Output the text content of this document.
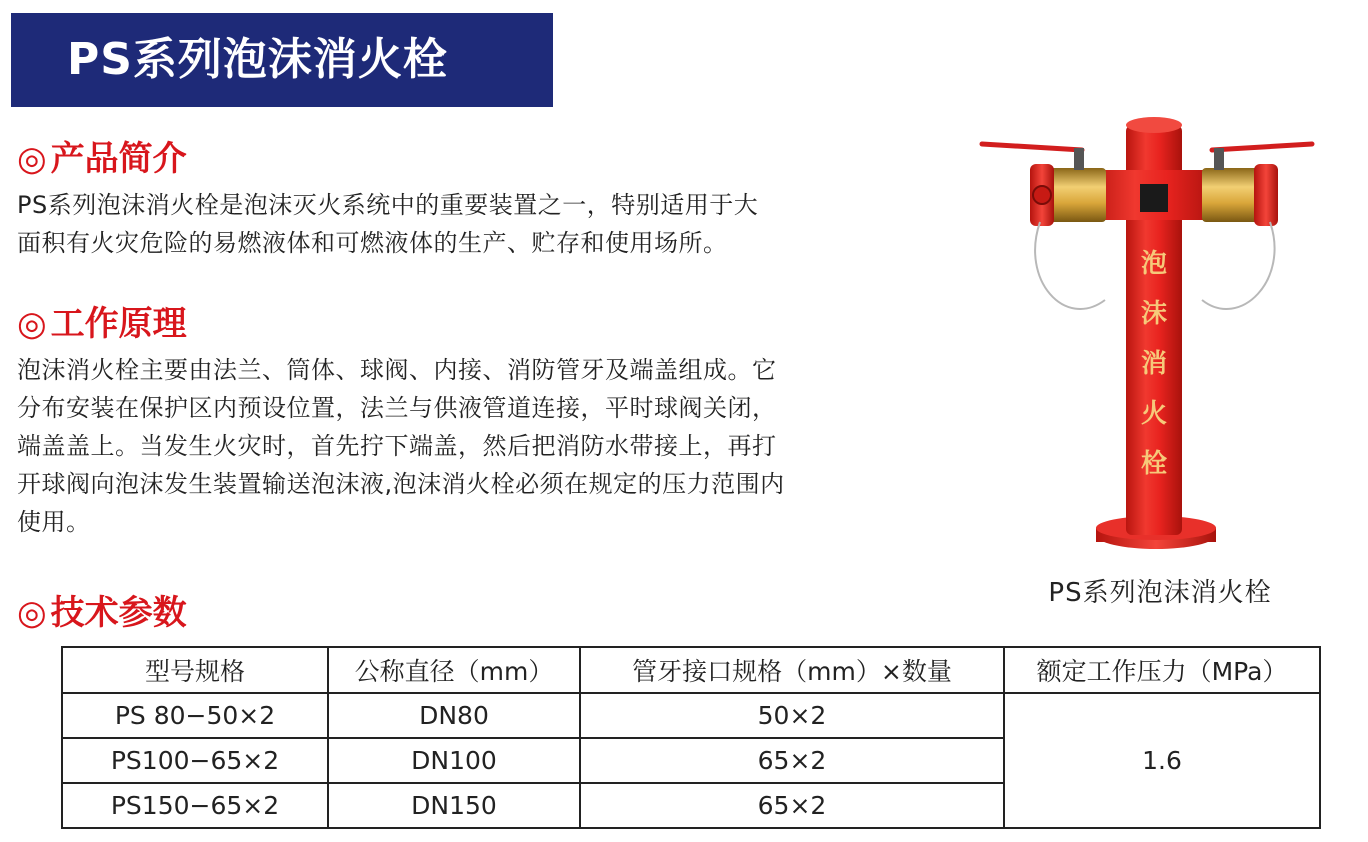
PS系列泡沫消火栓
◎ 产品简介

PS系列泡沫消火栓是泡沫灭火系统中的重要装置之一，特别适用于大
面积有火灾危险的易燃液体和可燃液体的生产、贮存和使用场所。

◎ 工作原理

泡沫消火栓主要由法兰、筒体、球阀、内接、消防管牙及端盖组成。它
分布安装在保护区内预设位置，法兰与供液管道连接，平时球阀关闭，
端盖盖上。当发生火灾时，首先拧下端盖，然后把消防水带接上，再打
开球阀向泡沫发生装置输送泡沫液,泡沫消火栓必须在规定的压力范围内
使用。

泡
沫
消
火
栓

PS系列泡沫消火栓

◎ 技术参数
型号规格	公称直径（mm）	管牙接口规格（mm）×数量	额定工作压力（MPa）
PS 80−50×2	DN80	50×2	1.6
PS100−65×2	DN100	65×2	
PS150−65×2	DN150	65×2	
